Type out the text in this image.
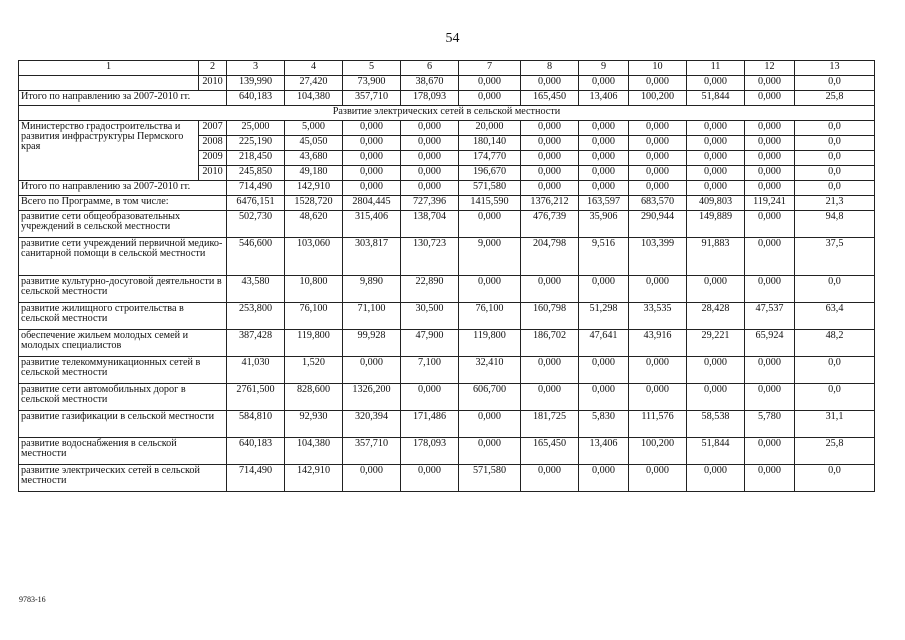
54
1	2	3	4	5	6	7	8	9	10	11	12	13
	2010	139,990	27,420	73,900	38,670	0,000	0,000	0,000	0,000	0,000	0,000	0,0
Итого по направлению за 2007-2010 гг.		640,183	104,380	357,710	178,093	0,000	165,450	13,406	100,200	51,844	0,000	25,8
Развитие электрических сетей в сельской местности												
Министерство градостроительства и развития инфраструктуры Пермского края	2007	25,000	5,000	0,000	0,000	20,000	0,000	0,000	0,000	0,000	0,000	0,0
	2008	225,190	45,050	0,000	0,000	180,140	0,000	0,000	0,000	0,000	0,000	0,0
	2009	218,450	43,680	0,000	0,000	174,770	0,000	0,000	0,000	0,000	0,000	0,0
	2010	245,850	49,180	0,000	0,000	196,670	0,000	0,000	0,000	0,000	0,000	0,0
Итого по направлению за 2007-2010 гг.		714,490	142,910	0,000	0,000	571,580	0,000	0,000	0,000	0,000	0,000	0,0
Всего по Программе, в том числе:		6476,151	1528,720	2804,445	727,396	1415,590	1376,212	163,597	683,570	409,803	119,241	21,3
развитие сети общеобразовательных учреждений в сельской местности		502,730	48,620	315,406	138,704	0,000	476,739	35,906	290,944	149,889	0,000	94,8
развитие сети учреждений первичной медико-санитарной помощи в сельской местности		546,600	103,060	303,817	130,723	9,000	204,798	9,516	103,399	91,883	0,000	37,5
развитие культурно-досуговой деятельности в сельской местности		43,580	10,800	9,890	22,890	0,000	0,000	0,000	0,000	0,000	0,000	0,0
развитие жилищного строительства в сельской местности		253,800	76,100	71,100	30,500	76,100	160,798	51,298	33,535	28,428	47,537	63,4
обеспечение жильем молодых семей и молодых специалистов		387,428	119,800	99,928	47,900	119,800	186,702	47,641	43,916	29,221	65,924	48,2
развитие телекоммуникационных сетей в сельской местности		41,030	1,520	0,000	7,100	32,410	0,000	0,000	0,000	0,000	0,000	0,0
развитие сети автомобильных дорог в сельской местности		2761,500	828,600	1326,200	0,000	606,700	0,000	0,000	0,000	0,000	0,000	0,0
развитие газификации в сельской местности		584,810	92,930	320,394	171,486	0,000	181,725	5,830	111,576	58,538	5,780	31,1
развитие водоснабжения в сельской местности		640,183	104,380	357,710	178,093	0,000	165,450	13,406	100,200	51,844	0,000	25,8
развитие электрических сетей в сельской местности		714,490	142,910	0,000	0,000	571,580	0,000	0,000	0,000	0,000	0,000	0,0
9783-16
